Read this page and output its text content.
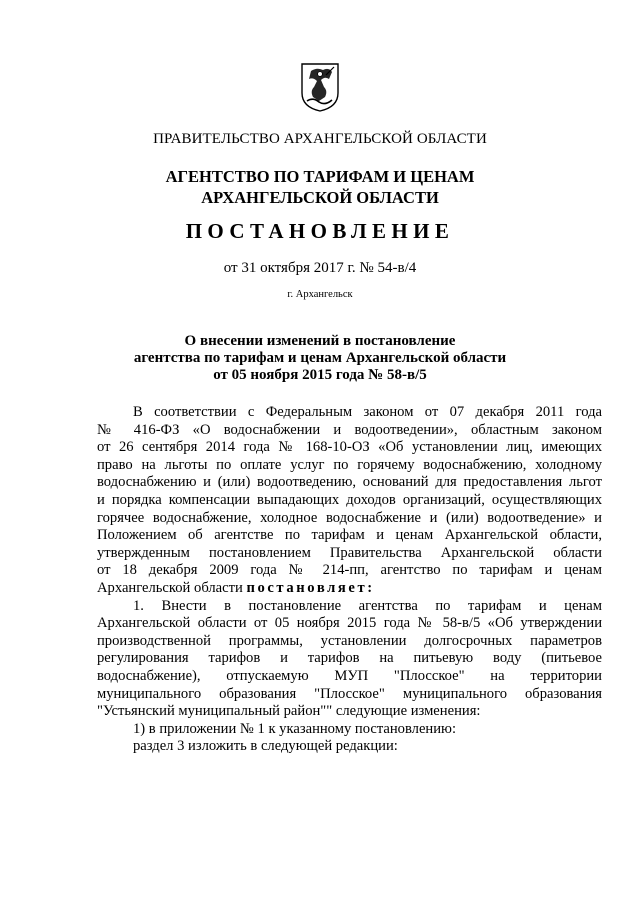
ПРАВИТЕЛЬСТВО АРХАНГЕЛЬСКОЙ ОБЛАСТИ
АГЕНТСТВО ПО ТАРИФАМ И ЦЕНАМ
АРХАНГЕЛЬСКОЙ ОБЛАСТИ
ПОСТАНОВЛЕНИЕ
от 31 октября 2017 г. № 54-в/4
г. Архангельск
О внесении изменений в постановление
агентства по тарифам и ценам Архангельской области
от 05 ноября 2015 года № 58-в/5
В соответствии с Федеральным законом от 07 декабря 2011 года
№ 416-ФЗ «О водоснабжении и водоотведении», областным законом
от 26 сентября 2014 года № 168-10-ОЗ «Об установлении лиц, имеющих
право на льготы по оплате услуг по горячему водоснабжению, холодному
водоснабжению и (или) водоотведению, оснований для предоставления льгот
и порядка компенсации выпадающих доходов организаций, осуществляющих
горячее водоснабжение, холодное водоснабжение и (или) водоотведение» и
Положением об агентстве по тарифам и ценам Архангельской области,
утвержденным постановлением Правительства Архангельской области
от 18 декабря 2009 года № 214-пп, агентство по тарифам и ценам
Архангельской области постановляет:
1. Внести в постановление агентства по тарифам и ценам
Архангельской области от 05 ноября 2015 года № 58-в/5 «Об утверждении
производственной программы, установлении долгосрочных параметров
регулирования тарифов и тарифов на питьевую воду (питьевое
водоснабжение), отпускаемую МУП "Плосское" на территории
муниципального образования "Плосское" муниципального образования
"Устьянский муниципальный район"" следующие изменения:
1) в приложении № 1 к указанному постановлению:
раздел 3 изложить в следующей редакции:
